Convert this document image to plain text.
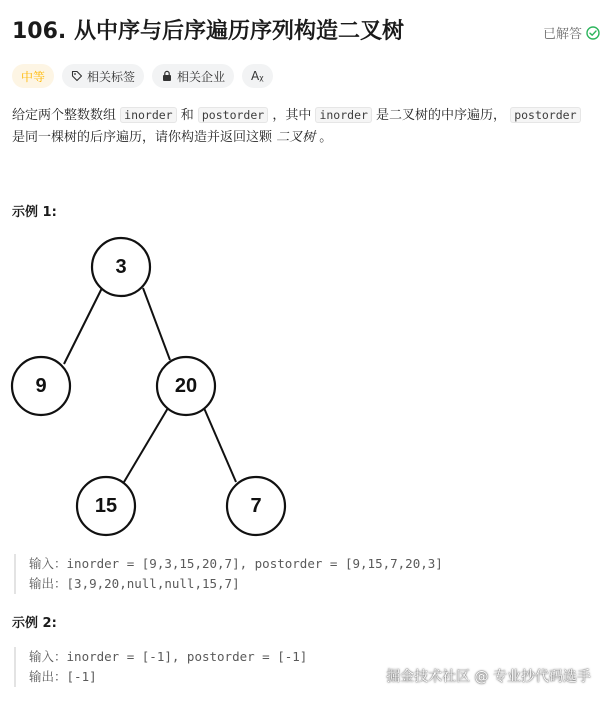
106. 从中序与后序遍历序列构造二叉树	已解答
中等	相关标签	相关企业 Aᵪ
给定两个整数数组 inorder 和 postorder ，其中 inorder 是二叉树的中序遍历， postorder
是同一棵树的后序遍历，请你构造并返回这颗 二叉树 。
示例 1:
3
9	20
15	7
输入：inorder = [9,3,15,20,7], postorder = [9,15,7,20,3]
输出：[3,9,20,null,null,15,7]
示例 2:
输入：inorder = [-1], postorder = [-1]
输出：[-1]	掘金技术社区 @ 专业抄代码选手
